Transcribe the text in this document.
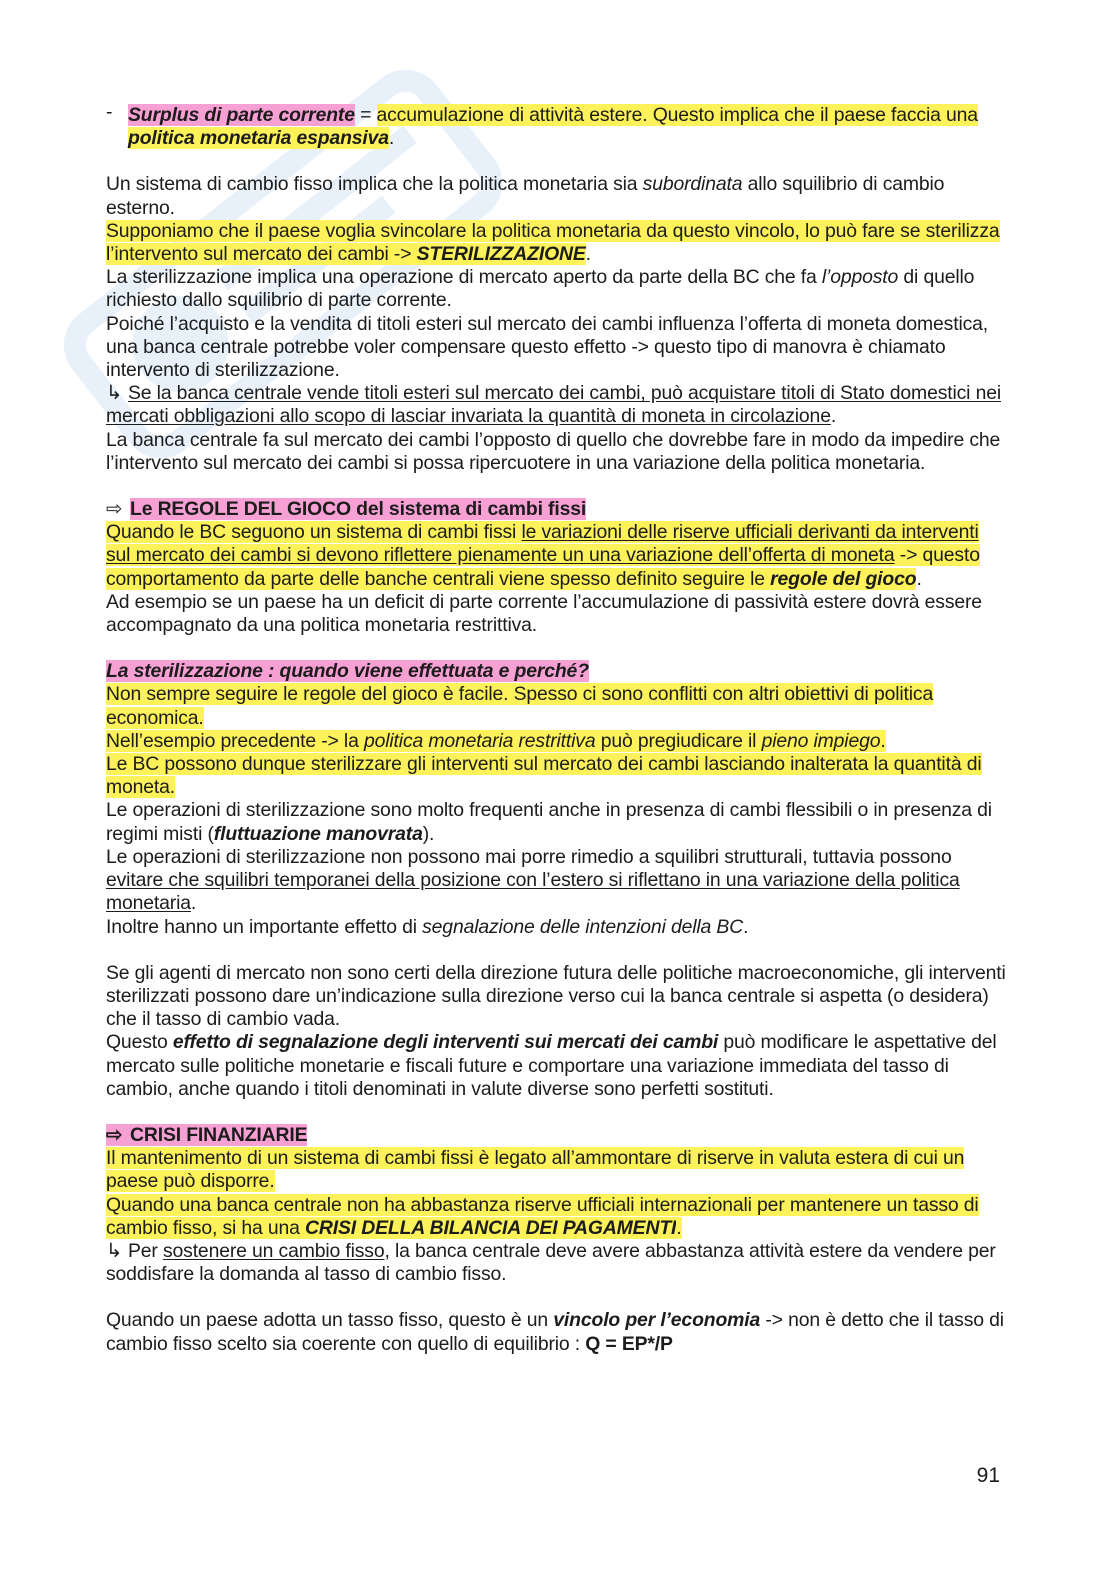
- Surplus di parte corrente = accumulazione di attività estere. Questo implica che il paese faccia una politica monetaria espansiva.

Un sistema di cambio fisso implica che la politica monetaria sia subordinata allo squilibrio di cambio esterno.

Supponiamo che il paese voglia svincolare la politica monetaria da questo vincolo, lo può fare se sterilizza l’intervento sul mercato dei cambi -> STERILIZZAZIONE.

La sterilizzazione implica una operazione di mercato aperto da parte della BC che fa l’opposto di quello richiesto dallo squilibrio di parte corrente.

Poiché l’acquisto e la vendita di titoli esteri sul mercato dei cambi influenza l’offerta di moneta domestica, una banca centrale potrebbe voler compensare questo effetto -> questo tipo di manovra è chiamato intervento di sterilizzazione.

↳ Se la banca centrale vende titoli esteri sul mercato dei cambi, può acquistare titoli di Stato domestici nei mercati obbligazioni allo scopo di lasciar invariata la quantità di moneta in circolazione.

La banca centrale fa sul mercato dei cambi l’opposto di quello che dovrebbe fare in modo da impedire che l’intervento sul mercato dei cambi si possa ripercuotere in una variazione della politica monetaria.

⇨ Le REGOLE DEL GIOCO del sistema di cambi fissi

Quando le BC seguono un sistema di cambi fissi le variazioni delle riserve ufficiali derivanti da interventi sul mercato dei cambi si devono riflettere pienamente un una variazione dell’offerta di moneta -> questo comportamento da parte delle banche centrali viene spesso definito seguire le regole del gioco.

Ad esempio se un paese ha un deficit di parte corrente l’accumulazione di passività estere dovrà essere accompagnato da una politica monetaria restrittiva.

La sterilizzazione : quando viene effettuata e perché?

Non sempre seguire le regole del gioco è facile. Spesso ci sono conflitti con altri obiettivi di politica economica.

Nell’esempio precedente -> la politica monetaria restrittiva può pregiudicare il pieno impiego.

Le BC possono dunque sterilizzare gli interventi sul mercato dei cambi lasciando inalterata la quantità di moneta.

Le operazioni di sterilizzazione sono molto frequenti anche in presenza di cambi flessibili o in presenza di regimi misti (fluttuazione manovrata).

Le operazioni di sterilizzazione non possono mai porre rimedio a squilibri strutturali, tuttavia possono evitare che squilibri temporanei della posizione con l’estero si riflettano in una variazione della politica monetaria.

Inoltre hanno un importante effetto di segnalazione delle intenzioni della BC.

Se gli agenti di mercato non sono certi della direzione futura delle politiche macroeconomiche, gli interventi sterilizzati possono dare un’indicazione sulla direzione verso cui la banca centrale si aspetta (o desidera) che il tasso di cambio vada.

Questo effetto di segnalazione degli interventi sui mercati dei cambi può modificare le aspettative del mercato sulle politiche monetarie e fiscali future e comportare una variazione immediata del tasso di cambio, anche quando i titoli denominati in valute diverse sono perfetti sostituti.

⇨ CRISI FINANZIARIE

Il mantenimento di un sistema di cambi fissi è legato all’ammontare di riserve in valuta estera di cui un paese può disporre.

Quando una banca centrale non ha abbastanza riserve ufficiali internazionali per mantenere un tasso di cambio fisso, si ha una CRISI DELLA BILANCIA DEI PAGAMENTI.

↳ Per sostenere un cambio fisso, la banca centrale deve avere abbastanza attività estere da vendere per soddisfare la domanda al tasso di cambio fisso.

Quando un paese adotta un tasso fisso, questo è un vincolo per l’economia -> non è detto che il tasso di cambio fisso scelto sia coerente con quello di equilibrio : Q = EP*/P

91
